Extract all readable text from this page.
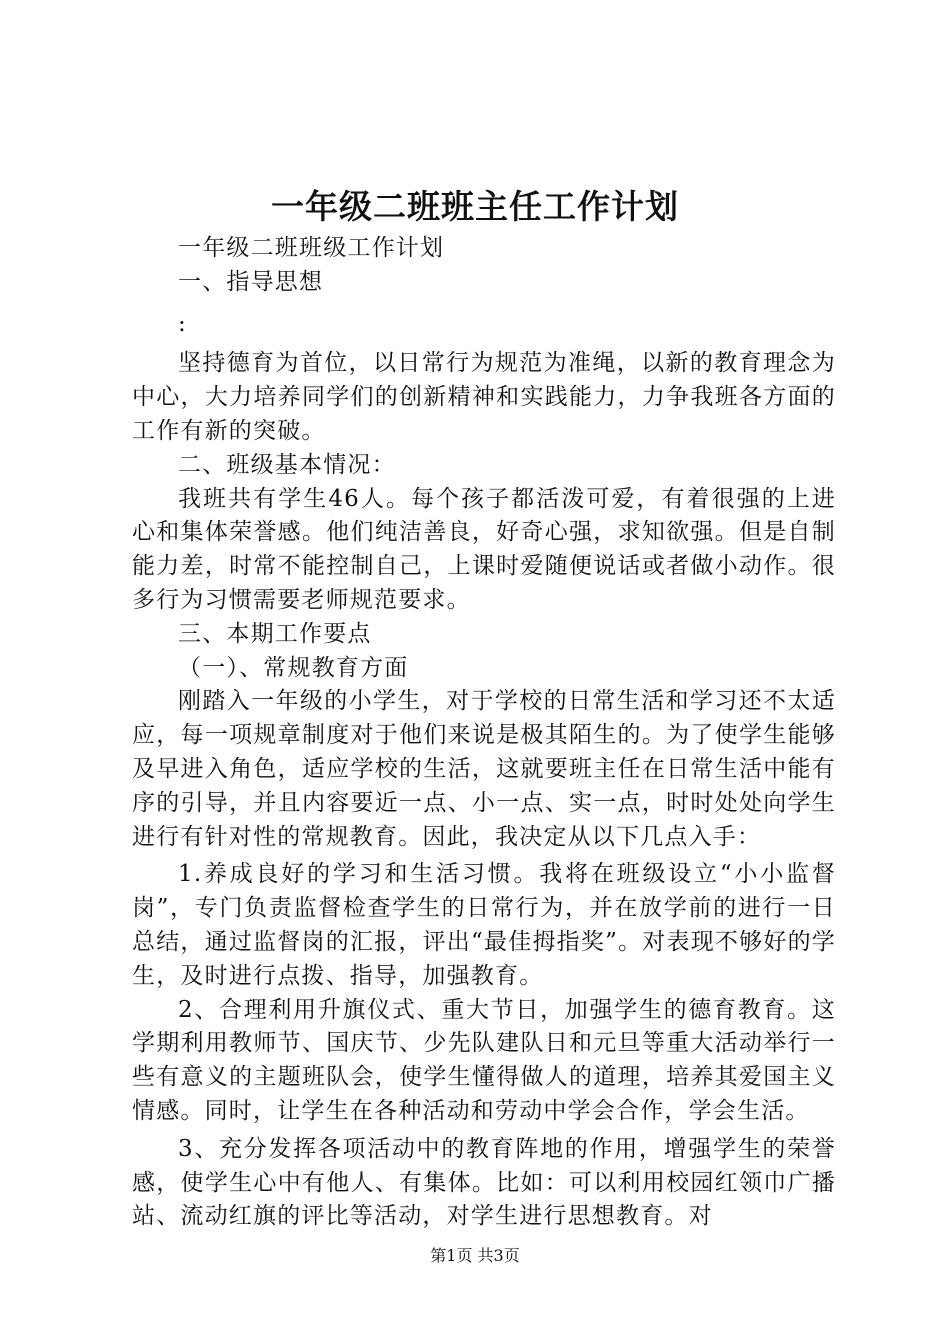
一年级二班班主任工作计划

一年级二班班级工作计划

一、指导思想

:

坚持德育为首位，以日常行为规范为准绳，以新的教育理念为中心，大力培养同学们的创新精神和实践能力，力争我班各方面的工作有新的突破。

二、班级基本情况：

我班共有学生46人。每个孩子都活泼可爱，有着很强的上进心和集体荣誉感。他们纯洁善良，好奇心强，求知欲强。但是自制能力差，时常不能控制自己，上课时爱随便说话或者做小动作。很多行为习惯需要老师规范要求。

三、本期工作要点

（一）、常规教育方面

刚踏入一年级的小学生，对于学校的日常生活和学习还不太适应，每一项规章制度对于他们来说是极其陌生的。为了使学生能够及早进入角色，适应学校的生活，这就要班主任在日常生活中能有序的引导，并且内容要近一点、小一点、实一点，时时处处向学生进行有针对性的常规教育。因此，我决定从以下几点入手：

1.养成良好的学习和生活习惯。我将在班级设立“小小监督岗”，专门负责监督检查学生的日常行为，并在放学前的进行一日总结，通过监督岗的汇报，评出“最佳拇指奖”。对表现不够好的学生，及时进行点拨、指导，加强教育。

2、合理利用升旗仪式、重大节日，加强学生的德育教育。这学期利用教师节、国庆节、少先队建队日和元旦等重大活动举行一些有意义的主题班队会，使学生懂得做人的道理，培养其爱国主义情感。同时，让学生在各种活动和劳动中学会合作，学会生活。

3、充分发挥各项活动中的教育阵地的作用，增强学生的荣誉感，使学生心中有他人、有集体。比如：可以利用校园红领巾广播站、流动红旗的评比等活动，对学生进行思想教育。对

第1页 共3页
